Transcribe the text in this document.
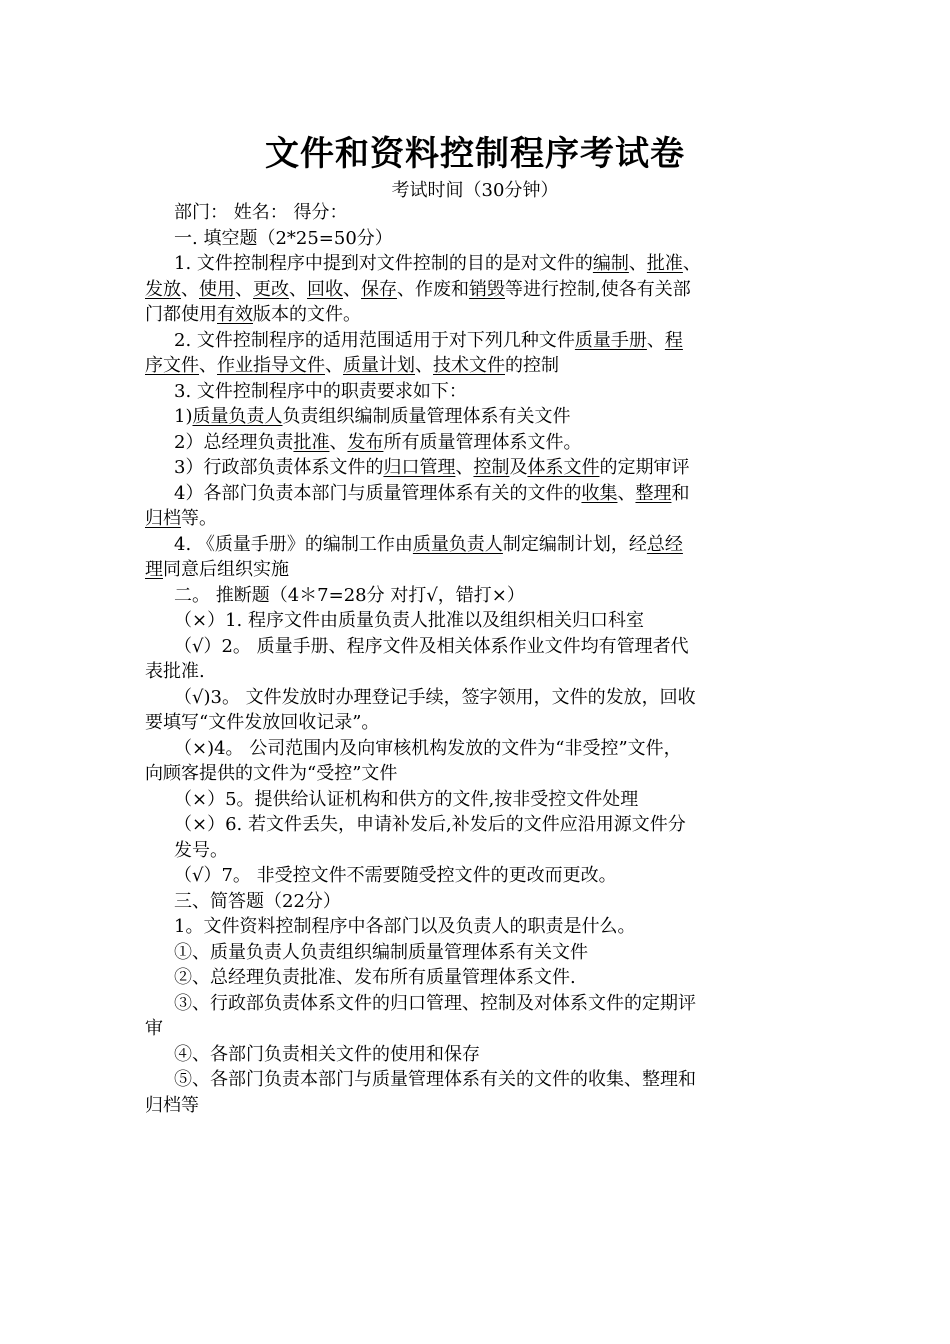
文件和资料控制程序考试卷
考试时间（30分钟）
部门： 姓名： 得分：
一. 填空题（2*25=50分）
1. 文件控制程序中提到对文件控制的目的是对文件的编制、批准、
发放、使用、更改、回收、保存、作废和销毁等进行控制,使各有关部
门都使用有效版本的文件。
2. 文件控制程序的适用范围适用于对下列几种文件质量手册、程
序文件、作业指导文件、质量计划、技术文件的控制
3. 文件控制程序中的职责要求如下：
1)质量负责人负责组织编制质量管理体系有关文件
2）总经理负责批准、发布所有质量管理体系文件。
3）行政部负责体系文件的归口管理、控制及体系文件的定期审评
4）各部门负责本部门与质量管理体系有关的文件的收集、整理和
归档等。
4. 《质量手册》的编制工作由质量负责人制定编制计划，经总经
理同意后组织实施
二。 推断题（4＊7=28分 对打√，错打×）
（×）1. 程序文件由质量负责人批准以及组织相关归口科室
（√）2。 质量手册、程序文件及相关体系作业文件均有管理者代
表批准.
（√)3。 文件发放时办理登记手续，签字领用，文件的发放，回收
要填写“文件发放回收记录”。
（×)4。 公司范围内及向审核机构发放的文件为“非受控”文件，
向顾客提供的文件为“受控”文件
（×）5。提供给认证机构和供方的文件,按非受控文件处理
（×）6. 若文件丢失，申请补发后,补发后的文件应沿用源文件分
发号。
（√）7。 非受控文件不需要随受控文件的更改而更改。
三、简答题（22分）
1。文件资料控制程序中各部门以及负责人的职责是什么。
①、质量负责人负责组织编制质量管理体系有关文件
②、总经理负责批准、发布所有质量管理体系文件.
③、行政部负责体系文件的归口管理、控制及对体系文件的定期评
审
④、各部门负责相关文件的使用和保存
⑤、各部门负责本部门与质量管理体系有关的文件的收集、整理和
归档等
